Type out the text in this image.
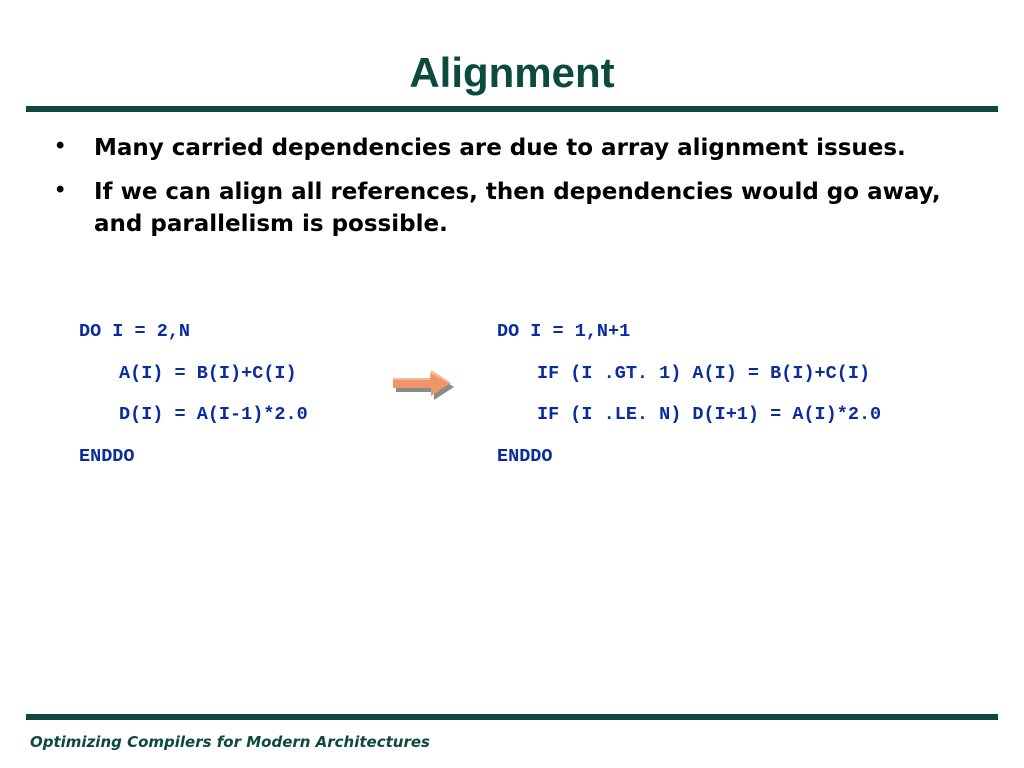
Alignment
•	Many carried dependencies are due to array alignment issues.
•	If we can align all references, then dependencies would go away, and parallelism is possible.
DO I = 2,N
A(I) = B(I)+C(I)
D(I) = A(I-1)*2.0
ENDDO
DO I = 1,N+1
IF (I .GT. 1) A(I) = B(I)+C(I)
IF (I .LE. N) D(I+1) = A(I)*2.0
ENDDO
Optimizing Compilers for Modern Architectures
